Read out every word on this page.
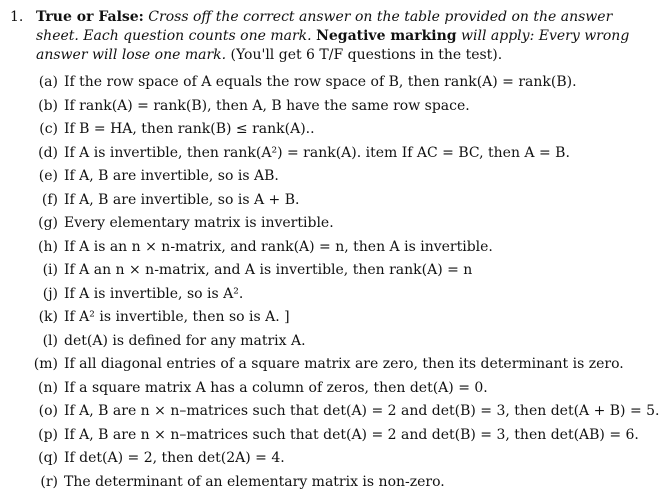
1. True or False: Cross off the correct answer on the table provided on the answer sheet. Each question counts one mark. Negative marking will apply: Every wrong answer will lose one mark. (You'll get 6 T/F questions in the test).
(a) If the row space of A equals the row space of B, then rank(A) = rank(B).
(b) If rank(A) = rank(B), then A, B have the same row space.
(c) If B = HA, then rank(B) ≤ rank(A)..
(d) If A is invertible, then rank(A²) = rank(A). item If AC = BC, then A = B.
(e) If A, B are invertible, so is AB.
(f) If A, B are invertible, so is A + B.
(g) Every elementary matrix is invertible.
(h) If A is an n × n-matrix, and rank(A) = n, then A is invertible.
(i) If A an n × n-matrix, and A is invertible, then rank(A) = n
(j) If A is invertible, so is A².
(k) If A² is invertible, then so is A. ]
(l) det(A) is defined for any matrix A.
(m) If all diagonal entries of a square matrix are zero, then its determinant is zero.
(n) If a square matrix A has a column of zeros, then det(A) = 0.
(o) If A, B are n × n–matrices such that det(A) = 2 and det(B) = 3, then det(A + B) = 5.
(p) If A, B are n × n–matrices such that det(A) = 2 and det(B) = 3, then det(AB) = 6.
(q) If det(A) = 2, then det(2A) = 4.
(r) The determinant of an elementary matrix is non-zero.
